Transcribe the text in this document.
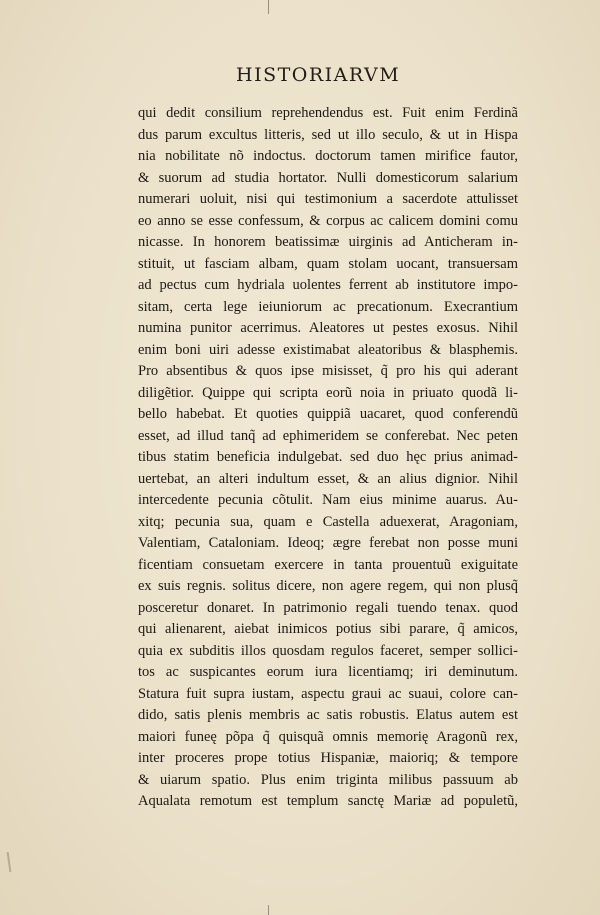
HISTORIARVM
qui dedit consilium reprehendendus est. Fuit enim Ferdinã
dus parum excultus litteris, sed ut illo seculo, & ut in Hispa
nia nobilitate nõ indoctus. doctorum tamen mirifice fautor,
& suorum ad studia hortator. Nulli domesticorum salarium
numerari uoluit, nisi qui testimonium a sacerdote attulisset
eo anno se esse confessum, & corpus ac calicem domini comu
nicasse. In honorem beatissimæ uirginis ad Anticheram in-
stituit, ut fasciam albam, quam stolam uocant, transuersam
ad pectus cum hydriala uolentes ferrent ab institutore impo-
sitam, certa lege ieiuniorum ac precationum. Execrantium
numina punitor acerrimus. Aleatores ut pestes exosus. Nihil
enim boni uiri adesse existimabat aleatoribus & blasphemis.
Pro absentibus & quos ipse misisset, q̃ pro his qui aderant
diligẽtior. Quippe qui scripta eorũ noia in priuato quodã li-
bello habebat. Et quoties quippiã uacaret, quod conferendũ
esset, ad illud tanq̃ ad ephimeridem se conferebat. Nec peten
tibus statim beneficia indulgebat. sed duo hęc prius animad-
uertebat, an alteri indultum esset, & an alius dignior. Nihil
intercedente pecunia cõtulit. Nam eius minime auarus. Au-
xitq; pecunia sua, quam e Castella aduexerat, Aragoniam,
Valentiam, Cataloniam. Ideoq; ægre ferebat non posse muni
ficentiam consuetam exercere in tanta prouentuũ exiguitate
ex suis regnis. solitus dicere, non agere regem, qui non plusq̃
posceretur donaret. In patrimonio regali tuendo tenax. quod
qui alienarent, aiebat inimicos potius sibi parare, q̃ amicos,
quia ex subditis illos quosdam regulos faceret, semper sollici-
tos ac suspicantes eorum iura licentiamq; iri deminutum.
Statura fuit supra iustam, aspectu graui ac suaui, colore can-
dido, satis plenis membris ac satis robustis. Elatus autem est
maiori funeę põpa q̃ quisquã omnis memorię Aragonũ rex,
inter proceres prope totius Hispaniæ, maioriq; & tempore
& uiarum spatio. Plus enim triginta milibus passuum ab
Aqualata remotum est templum sanctę Mariæ ad populetũ,
